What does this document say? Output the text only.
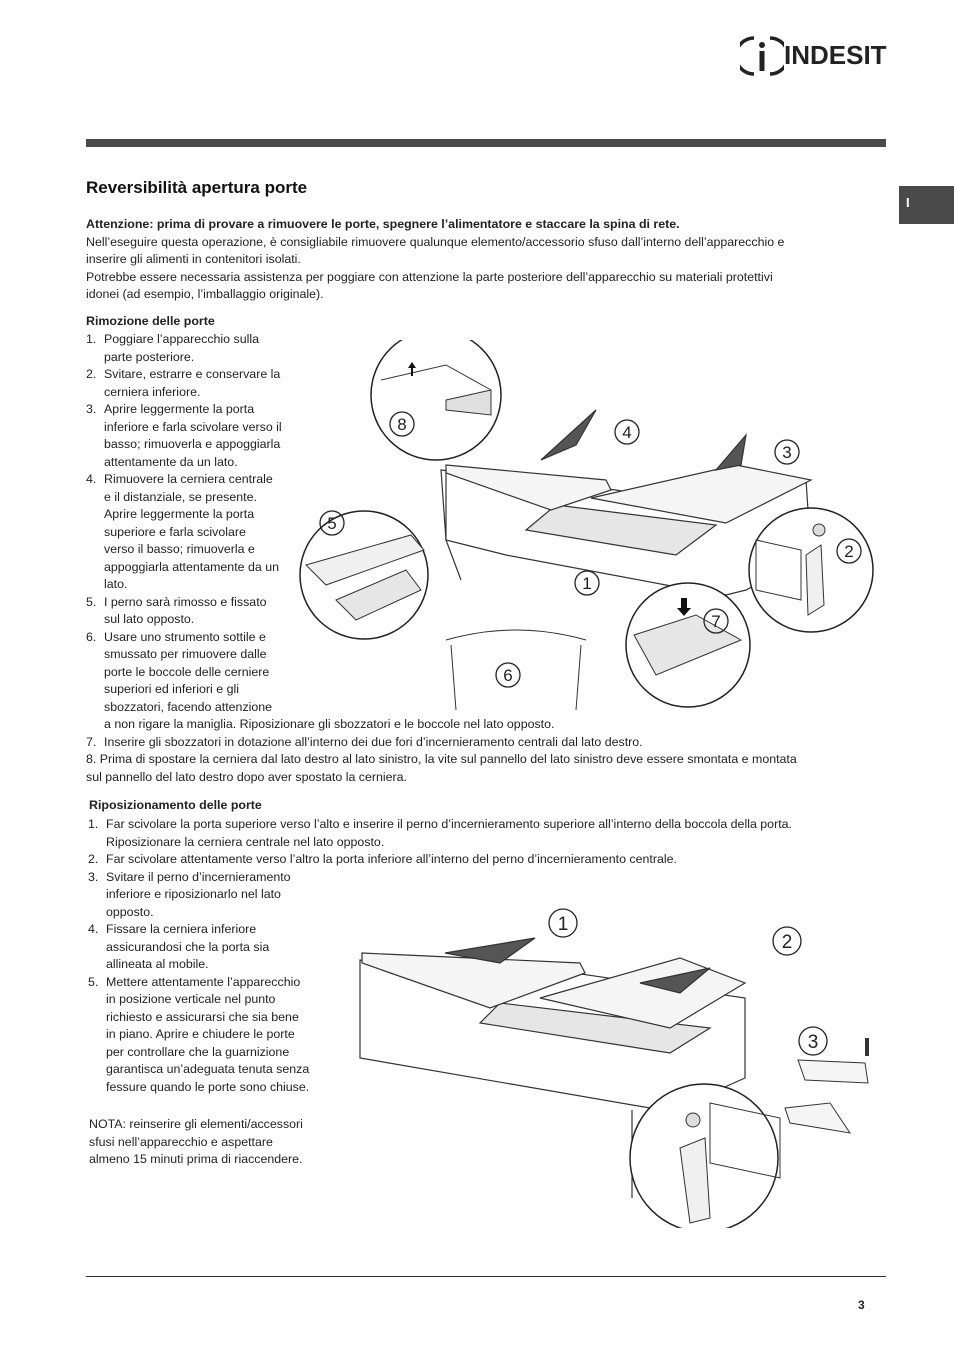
INDESIT
I
Reversibilità apertura porte
Attenzione: prima di provare a rimuovere le porte, spegnere l’alimentatore e staccare la spina di rete.
Nell’eseguire questa operazione, è consigliabile rimuovere qualunque elemento/accessorio sfuso dall’interno dell’apparecchio e
inserire gli alimenti in contenitori isolati.
Potrebbe essere necessaria assistenza per poggiare con attenzione la parte posteriore dell’apparecchio su materiali protettivi
idonei (ad esempio, l’imballaggio originale).
Rimozione delle porte
1. Poggiare l’apparecchio sulla
parte posteriore.
2. Svitare, estrarre e conservare la
cerniera inferiore.
3. Aprire leggermente la porta
inferiore e farla scivolare verso il
basso; rimuoverla e appoggiarla
attentamente da un lato.
4. Rimuovere la cerniera centrale
e il distanziale, se presente.
Aprire leggermente la porta
superiore e farla scivolare
verso il basso; rimuoverla e
appoggiarla attentamente da un
lato.
5. I perno sarà rimosso e fissato
sul lato opposto.
6. Usare uno strumento sottile e
smussato per rimuovere dalle
porte le boccole delle cerniere
superiori ed inferiori e gli
sbozzatori, facendo attenzione
a non rigare la maniglia. Riposizionare gli sbozzatori e le boccole nel lato opposto.
7. Inserire gli sbozzatori in dotazione all’interno dei due fori d’incernieramento centrali dal lato destro.
8. Prima di spostare la cerniera dal lato destro al lato sinistro, la vite sul pannello del lato sinistro deve essere smontata e montata
sul pannello del lato destro dopo aver spostato la cerniera.
Riposizionamento delle porte
1. Far scivolare la porta superiore verso l’alto e inserire il perno d’incernieramento superiore all’interno della boccola della porta.
Riposizionare la cerniera centrale nel lato opposto.
2. Far scivolare attentamente verso l’altro la porta inferiore all’interno del perno d’incernieramento centrale.
3. Svitare il perno d’incernieramento
inferiore e riposizionarlo nel lato
opposto.
4. Fissare la cerniera inferiore
assicurandosi che la porta sia
allineata al mobile.
5. Mettere attentamente l’apparecchio
in posizione verticale nel punto
richiesto e assicurarsi che sia bene
in piano. Aprire e chiudere le porte
per controllare che la guarnizione
garantisca un’adeguata tenuta senza
fessure quando le porte sono chiuse.
NOTA: reinserire gli elementi/accessori
sfusi nell’apparecchio e aspettare
almeno 15 minuti prima di riaccendere.
8	4
3
5
2
1
7
6
1
2
3
3
